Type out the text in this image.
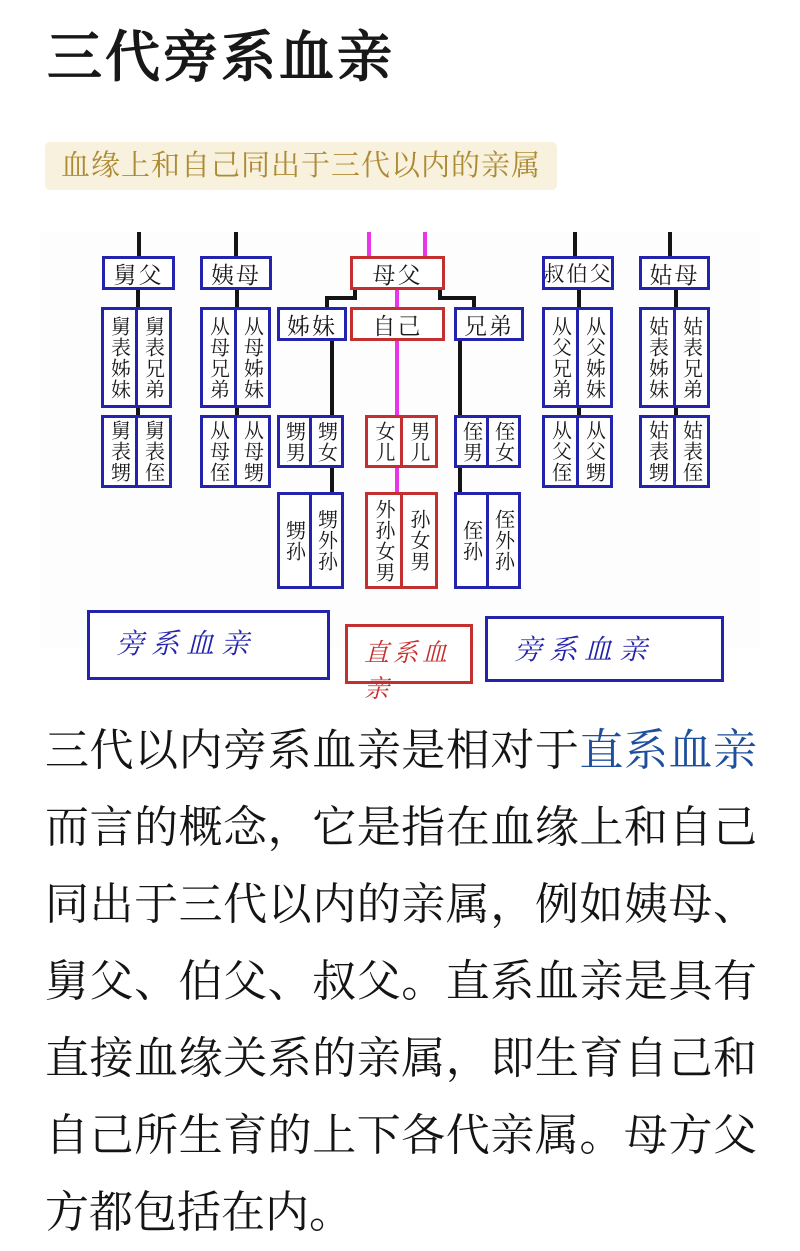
三代旁系血亲
血缘上和自己同出于三代以内的亲属
舅父	姨母	母父	叔伯父	姑母
姊妹	自己	兄弟
舅表姊妹 舅表兄弟	从母兄弟 从母姊妹	从父兄弟 从父姊妹	姑表姊妹 姑表兄弟
舅表甥 舅表侄	从母侄 从母甥 甥男 甥女	女儿 男儿	侄男 侄女	从父侄 从父甥	姑表甥 姑表侄
甥孙 甥外孙	外孙女男 孙女男	侄孙 侄外孙
旁系血亲	直系血亲
旁系血亲

三代以内旁系血亲是相对于直系血亲而言的概念，它是指在血缘上和自己同出于三代以内的亲属，例如姨母、舅父、伯父、叔父。直系血亲是具有直接血缘关系的亲属，即生育自己和自己所生育的上下各代亲属。母方父方都包括在内。
